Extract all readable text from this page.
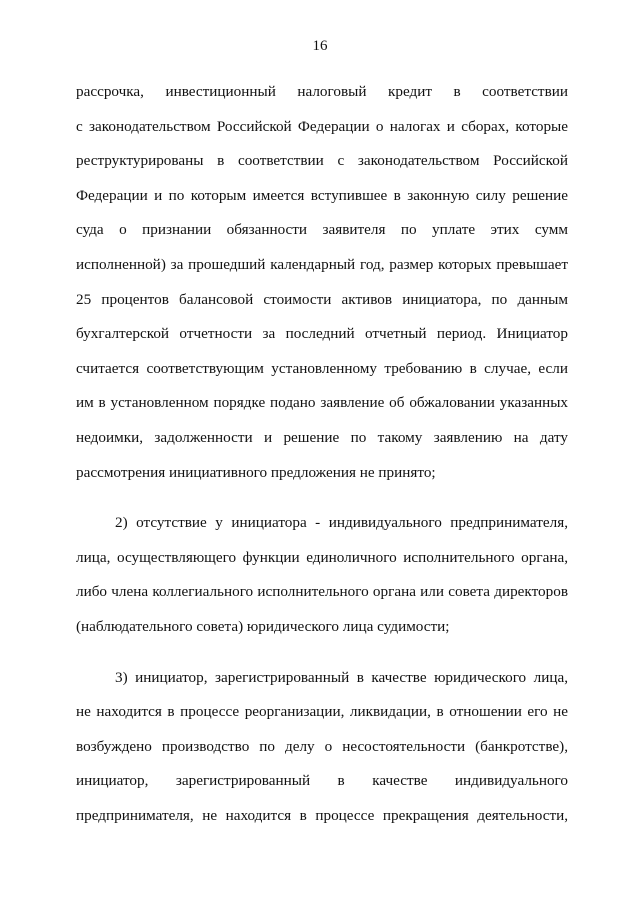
16
рассрочка, инвестиционный налоговый кредит в соответствии
с законодательством Российской Федерации о налогах и сборах, которые
реструктурированы в соответствии с законодательством Российской
Федерации и по которым имеется вступившее в законную силу решение
суда о признании обязанности заявителя по уплате этих сумм
исполненной) за прошедший календарный год, размер которых превышает
25 процентов балансовой стоимости активов инициатора, по данным
бухгалтерской отчетности за последний отчетный период. Инициатор
считается соответствующим установленному требованию в случае, если
им в установленном порядке подано заявление об обжаловании указанных
недоимки, задолженности и решение по такому заявлению на дату
рассмотрения инициативного предложения не принято;
2) отсутствие у инициатора - индивидуального предпринимателя,
лица, осуществляющего функции единоличного исполнительного органа,
либо члена коллегиального исполнительного органа или совета директоров
(наблюдательного совета) юридического лица судимости;
3) инициатор, зарегистрированный в качестве юридического лица,
не находится в процессе реорганизации, ликвидации, в отношении его не
возбуждено производство по делу о несостоятельности (банкротстве),
инициатор, зарегистрированный в качестве индивидуального
предпринимателя, не находится в процессе прекращения деятельности,
